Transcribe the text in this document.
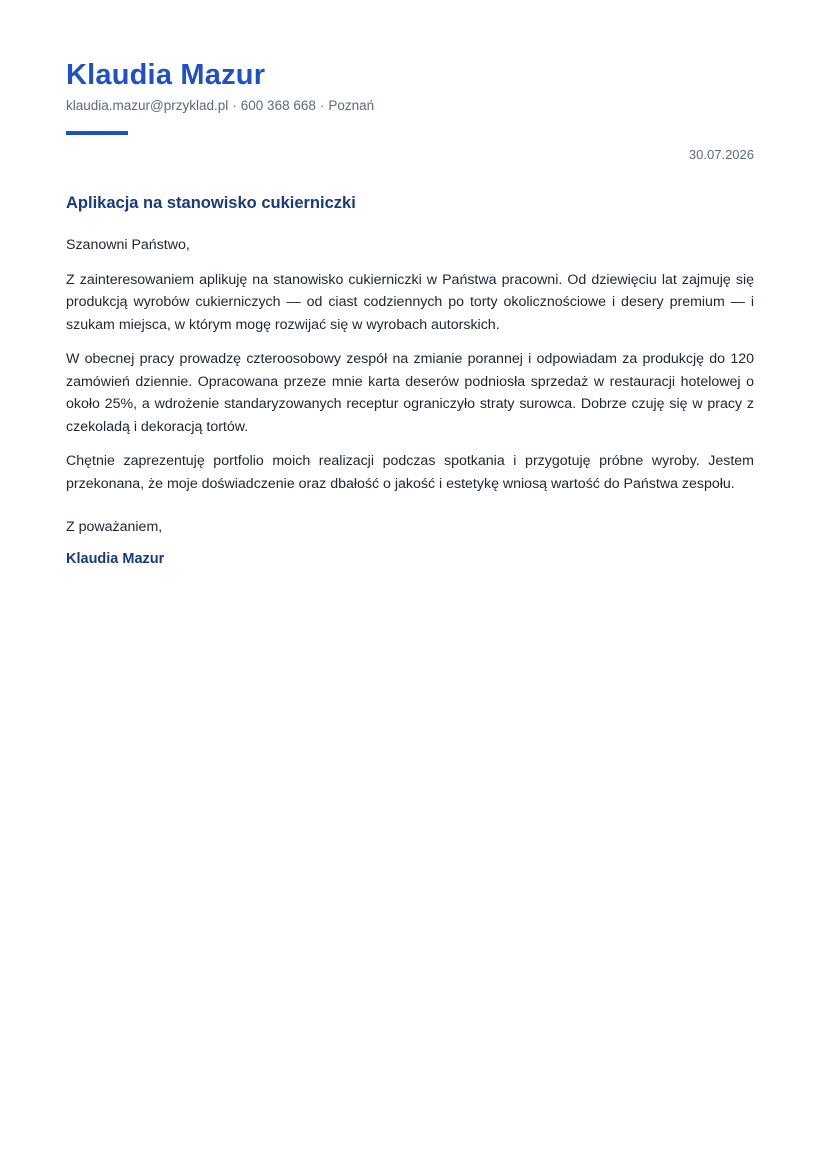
Klaudia Mazur
klaudia.mazur@przyklad.pl · 600 368 668 · Poznań
30.07.2026
Aplikacja na stanowisko cukierniczki

Szanowni Państwo,

Z zainteresowaniem aplikuję na stanowisko cukierniczki w Państwa pracowni. Od dziewięciu lat zajmuję się produkcją wyrobów cukierniczych — od ciast codziennych po torty okolicznościowe i desery premium — i szukam miejsca, w którym mogę rozwijać się w wyrobach autorskich.

W obecnej pracy prowadzę czteroosobowy zespół na zmianie porannej i odpowiadam za produkcję do 120 zamówień dziennie. Opracowana przeze mnie karta deserów podniosła sprzedaż w restauracji hotelowej o około 25%, a wdrożenie standaryzowanych receptur ograniczyło straty surowca. Dobrze czuję się w pracy z czekoladą i dekoracją tortów.

Chętnie zaprezentuję portfolio moich realizacji podczas spotkania i przygotuję próbne wyroby. Jestem przekonana, że moje doświadczenie oraz dbałość o jakość i estetykę wniosą wartość do Państwa zespołu.

Z poważaniem,

Klaudia Mazur
